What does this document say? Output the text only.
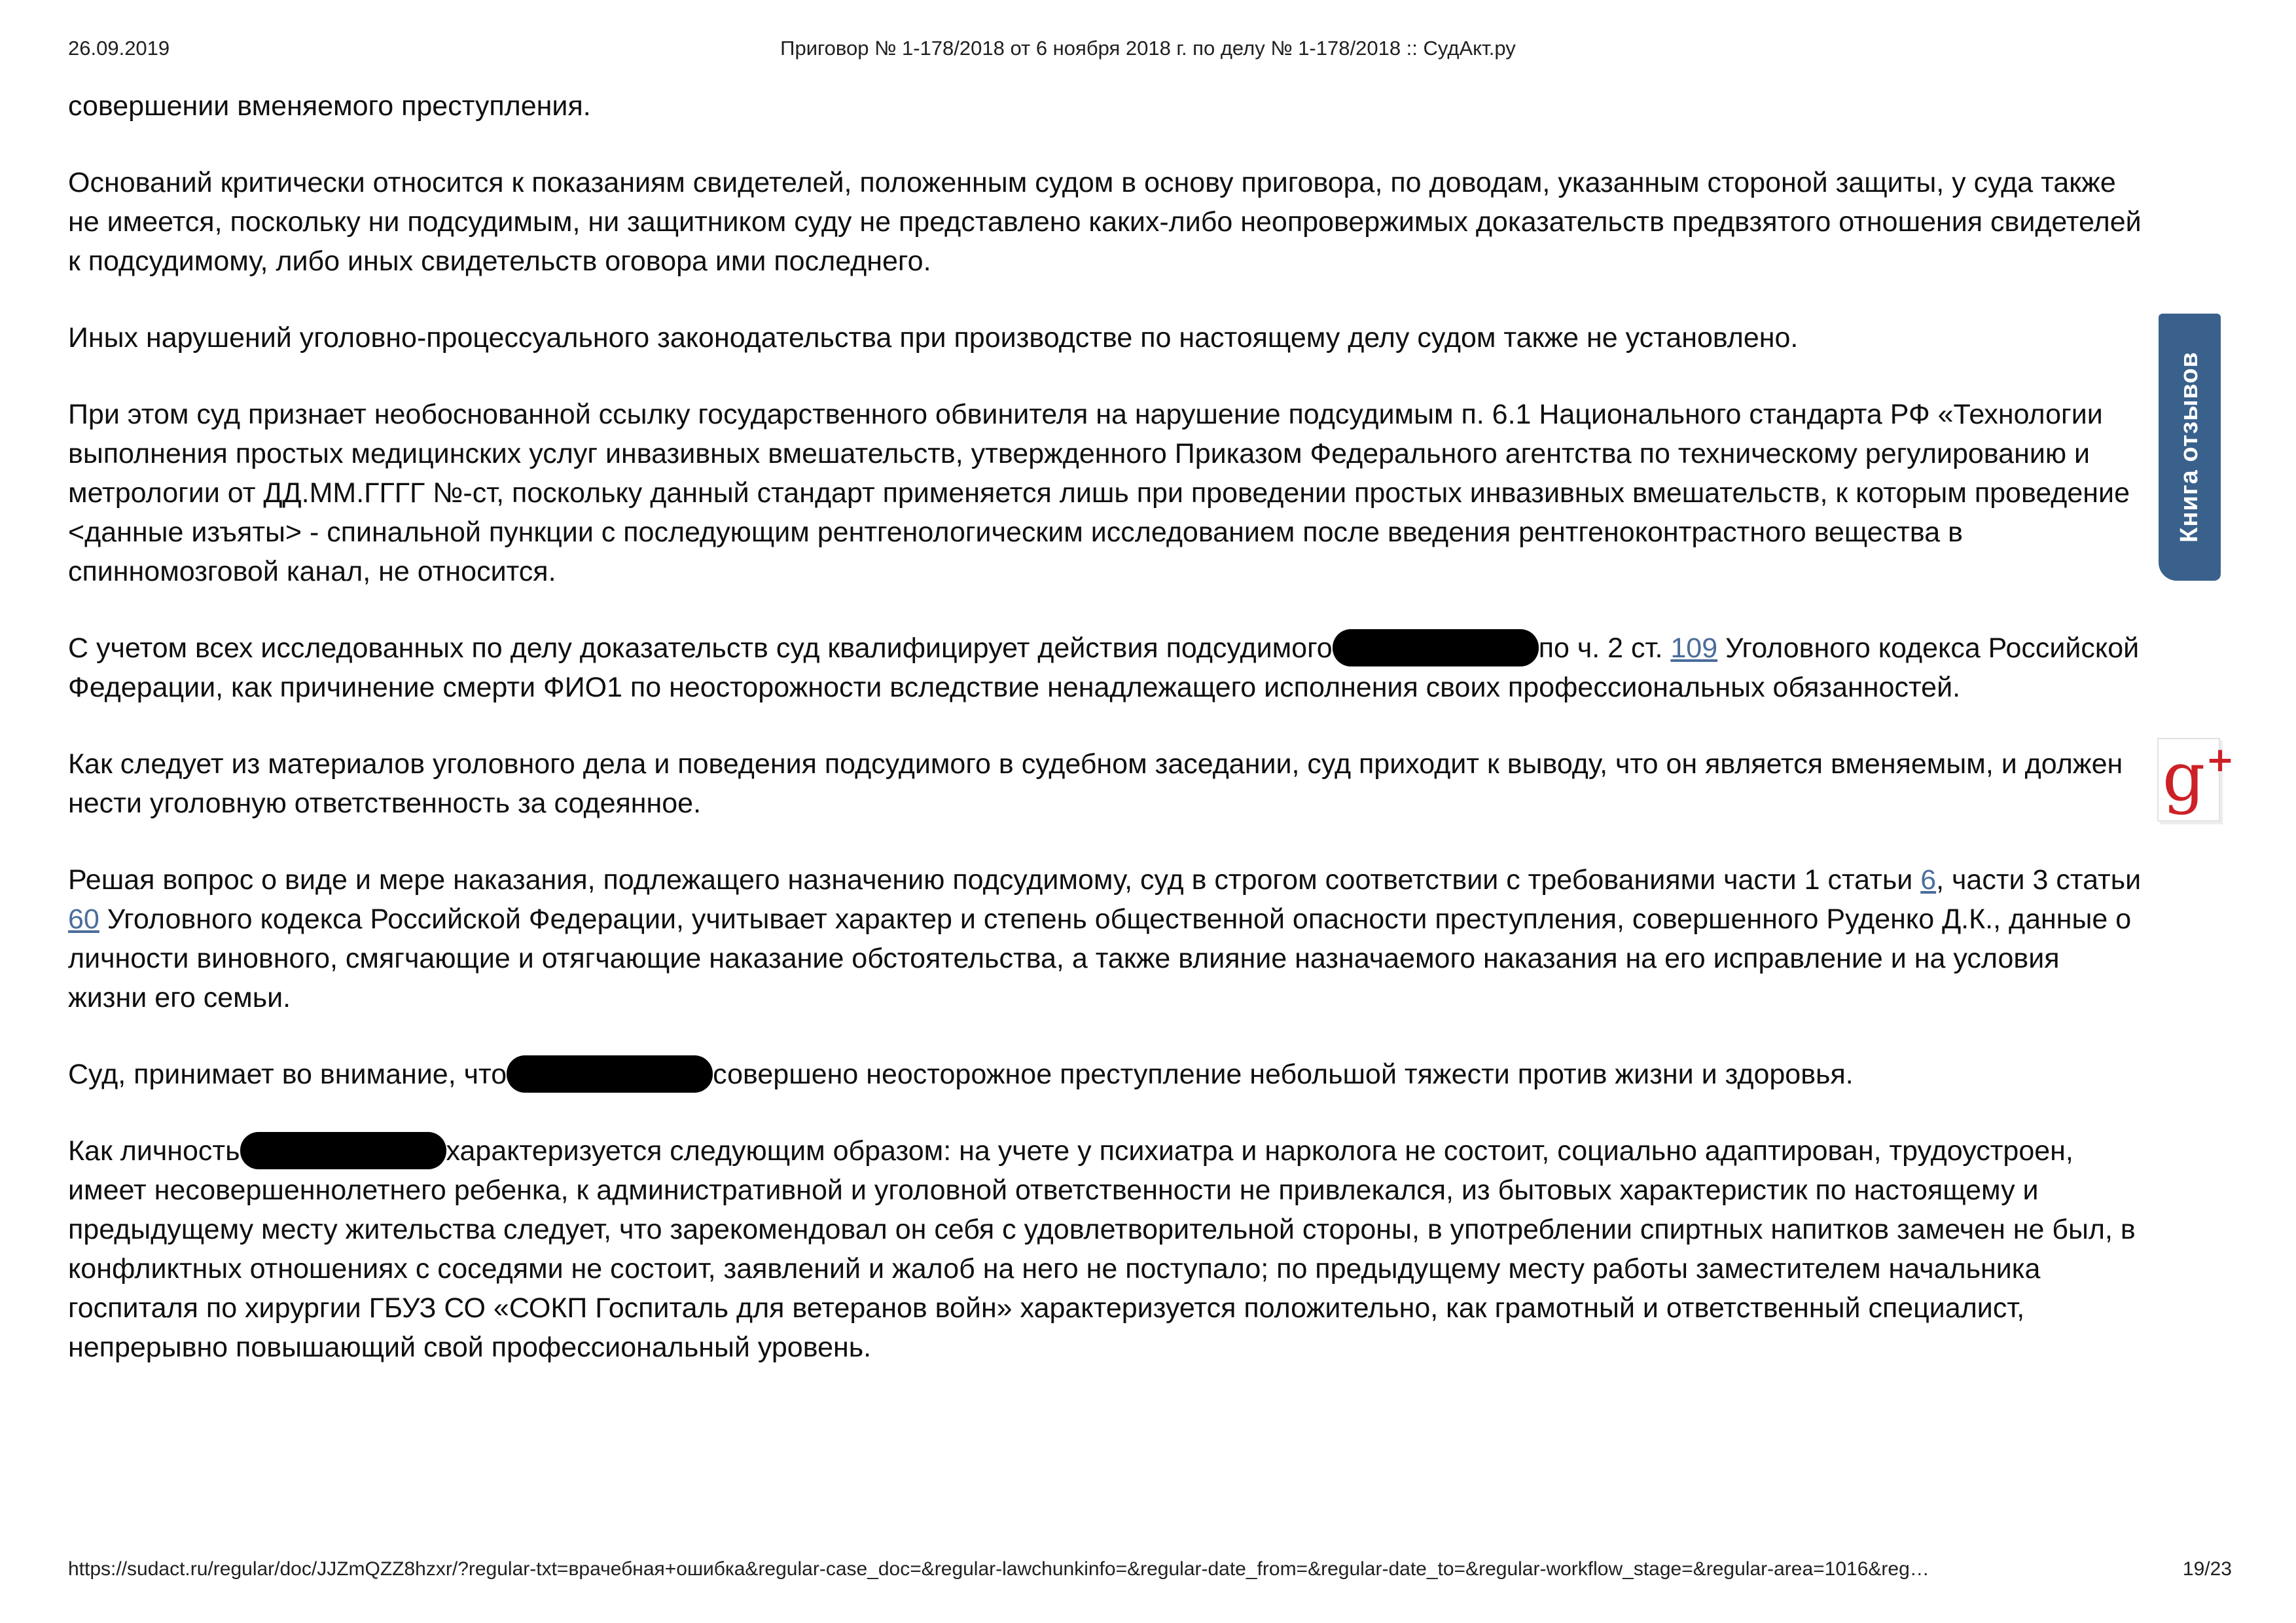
26.09.2019	Приговор № 1-178/2018 от 6 ноября 2018 г. по делу № 1-178/2018 :: СудАкт.ру

совершении вменяемого преступления.

Оснований критически относится к показаниям свидетелей, положенным судом в основу приговора, по доводам, указанным стороной защиты, у суда также не имеется, поскольку ни подсудимым, ни защитником суду не представлено каких-либо неопровержимых доказательств предвзятого отношения свидетелей к подсудимому, либо иных свидетельств оговора ими последнего.

Иных нарушений уголовно-процессуального законодательства при производстве по настоящему делу судом также не установлено.

При этом суд признает необоснованной ссылку государственного обвинителя на нарушение подсудимым п. 6.1 Национального стандарта РФ «Технологии выполнения простых медицинских услуг инвазивных вмешательств, утвержденного Приказом Федерального агентства по техническому регулированию и метрологии от ДД.ММ.ГГГГ №-ст, поскольку данный стандарт применяется лишь при проведении простых инвазивных вмешательств, к которым проведение <данные изъяты> - спинальной пункции с последующим рентгенологическим исследованием после введения рентгеноконтрастного вещества в спинномозговой канал, не относится.

С учетом всех исследованных по делу доказательств суд квалифицирует действия подсудимого	по ч. 2 ст. 109 Уголовного кодекса Российской Федерации, как причинение смерти ФИО1 по неосторожности вследствие ненадлежащего исполнения своих профессиональных обязанностей.

Как следует из материалов уголовного дела и поведения подсудимого в судебном заседании, суд приходит к выводу, что он является вменяемым, и должен нести уголовную ответственность за содеянное.

Решая вопрос о виде и мере наказания, подлежащего назначению подсудимому, суд в строгом соответствии с требованиями части 1 статьи 6, части 3 статьи 60 Уголовного кодекса Российской Федерации, учитывает характер и степень общественной опасности преступления, совершенного Руденко Д.К., данные о личности виновного, смягчающие и отягчающие наказание обстоятельства, а также влияние назначаемого наказания на его исправление и на условия жизни его семьи.

Суд, принимает во внимание, что	совершено неосторожное преступление небольшой тяжести против жизни и здоровья.

Как личность	характеризуется следующим образом: на учете у психиатра и нарколога не состоит, социально адаптирован, трудоустроен, имеет несовершеннолетнего ребенка, к административной и уголовной ответственности не привлекался, из бытовых характеристик по настоящему и предыдущему месту жительства следует, что зарекомендовал он себя с удовлетворительной стороны, в употреблении спиртных напитков замечен не был, в конфликтных отношениях с соседями не состоит, заявлений и жалоб на него не поступало; по предыдущему месту работы заместителем начальника госпиталя по хирургии ГБУЗ СО «СОКП Госпиталь для ветеранов войн» характеризуется положительно, как грамотный и ответственный специалист, непрерывно повышающий свой профессиональный уровень.

Книга отзывов
g+
https://sudact.ru/regular/doc/JJZmQZZ8hzxr/?regular-txt=врачебная+ошибка&regular-case_doc=&regular-lawchunkinfo=&regular-date_from=&regular-date_to=&regular-workflow_stage=&regular-area=1016&reg…	19/23
